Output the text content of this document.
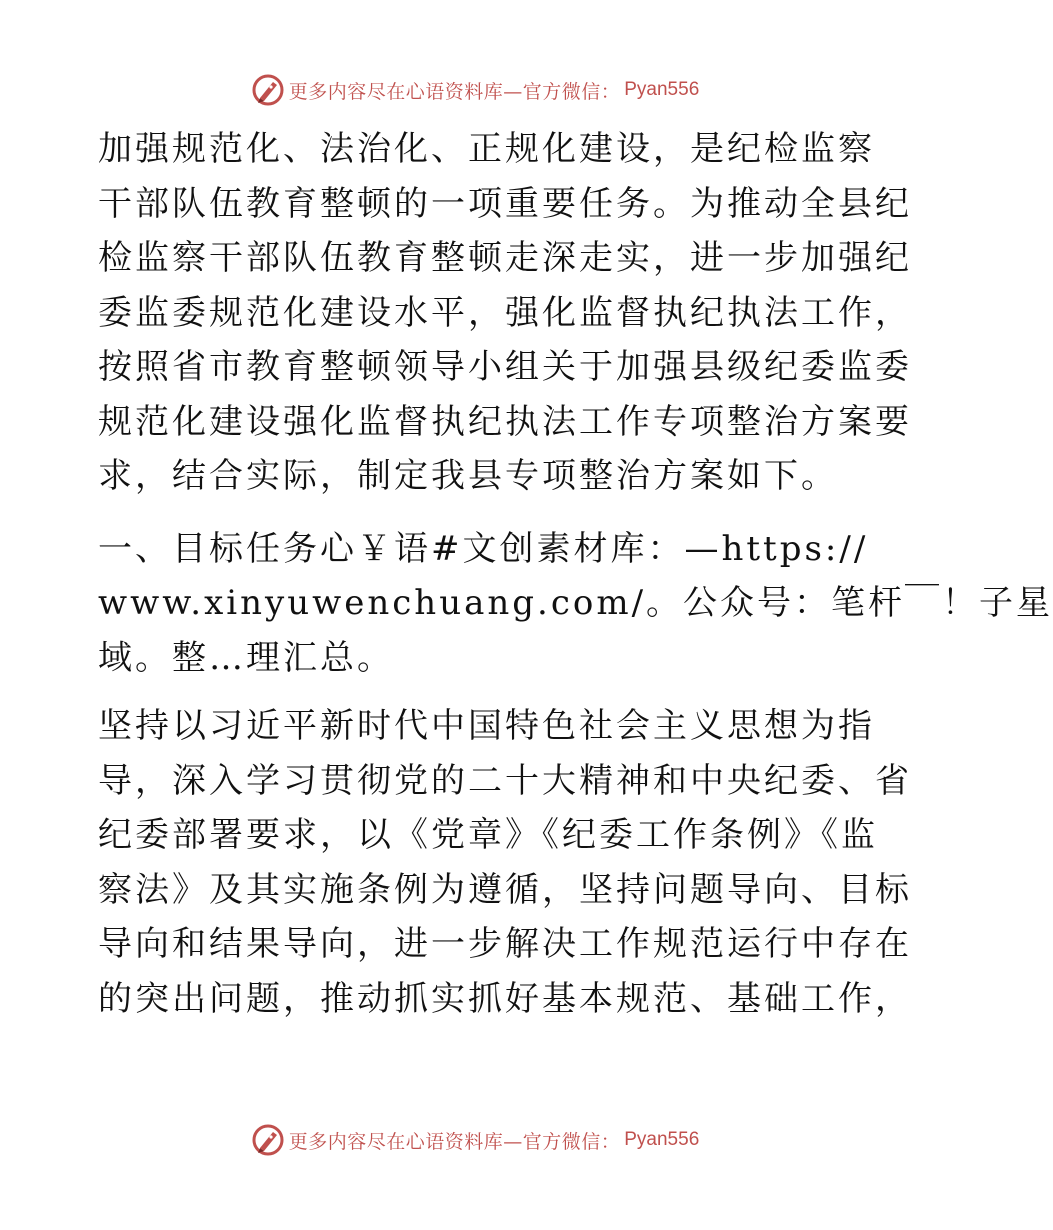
更多内容尽在心语资料库—官方微信： Pyan556

加强规范化、法治化、正规化建设，是纪检监察
干部队伍教育整顿的一项重要任务。为推动全县纪
检监察干部队伍教育整顿走深走实，进一步加强纪
委监委规范化建设水平，强化监督执纪执法工作，
按照省市教育整顿领导小组关于加强县级纪委监委
规范化建设强化监督执纪执法工作专项整治方案要
求，结合实际，制定我县专项整治方案如下。

一、目标任务心￥语#文创素材库：—https://
www.xinyuwenchuang.com/。公众号：笔杆￣！子星
域。整…理汇总。

坚持以习近平新时代中国特色社会主义思想为指
导，深入学习贯彻党的二十大精神和中央纪委、省
纪委部署要求，以《党章》《纪委工作条例》《监
察法》及其实施条例为遵循，坚持问题导向、目标
导向和结果导向，进一步解决工作规范运行中存在
的突出问题，推动抓实抓好基本规范、基础工作，

更多内容尽在心语资料库—官方微信： Pyan556
